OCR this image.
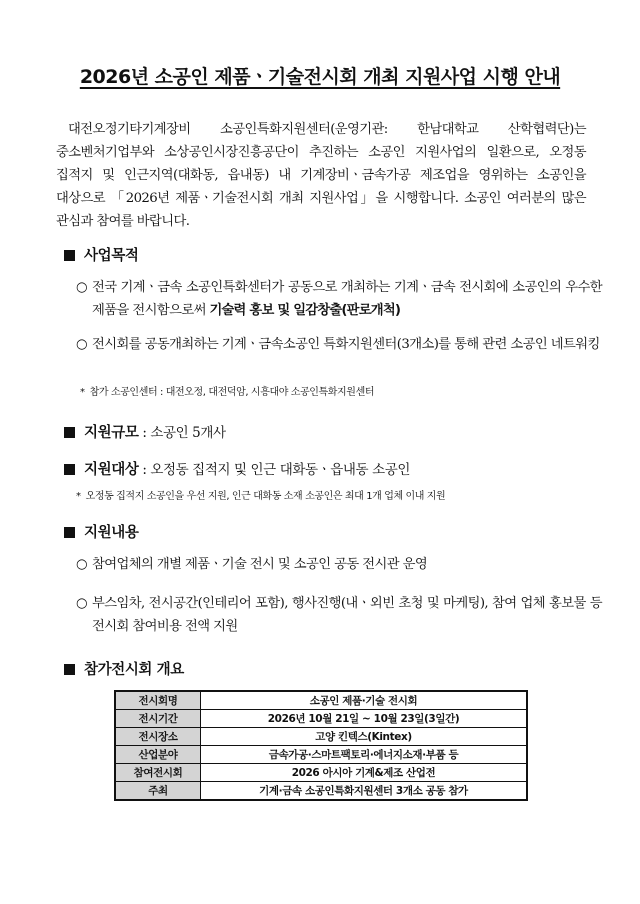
2026년 소공인 제품ㆍ기술전시회 개최 지원사업 시행 안내
대전오정기타기계장비 소공인특화지원센터(운영기관: 한남대학교 산학협력단)는 중소벤처기업부와 소상공인시장진흥공단이 추진하는 소공인 지원사업의 일환으로, 오정동 집적지 및 인근지역(대화동, 읍내동) 내 기계장비ㆍ금속가공 제조업을 영위하는 소공인을 대상으로 「2026년 제품ㆍ기술전시회 개최 지원사업」을 시행합니다. 소공인 여러분의 많은 관심과 참여를 바랍니다.
사업목적
○ 전국 기계ㆍ금속 소공인특화센터가 공동으로 개최하는 기계ㆍ금속 전시회에 소공인의 우수한 제품을 전시함으로써 기술력 홍보 및 일감창출(판로개척)
○ 전시회를 공동개최하는 기계ㆍ금속소공인 특화지원센터(3개소)를 통해 관련 소공인 네트워킹
* 참가 소공인센터 : 대전오정, 대전덕암, 시흥대야 소공인특화지원센터
지원규모 : 소공인 5개사
지원대상 : 오정동 집적지 및 인근 대화동ㆍ읍내동 소공인
* 오정동 집적지 소공인을 우선 지원, 인근 대화동 소재 소공인은 최대 1개 업체 이내 지원
지원내용
○ 참여업체의 개별 제품ㆍ기술 전시 및 소공인 공동 전시관 운영
○ 부스임차, 전시공간(인테리어 포함), 행사진행(내ㆍ외빈 초청 및 마케팅), 참여 업체 홍보물 등 전시회 참여비용 전액 지원
참가전시회 개요
전시회명	소공인 제품·기술 전시회
전시기간	2026년 10월 21일 ~ 10월 23일(3일간)
전시장소	고양 킨텍스(Kintex)
산업분야	금속가공·스마트팩토리·에너지소재·부품 등
참여전시회	2026 아시아 기계&제조 산업전
주최	기계·금속 소공인특화지원센터 3개소 공동 참가
